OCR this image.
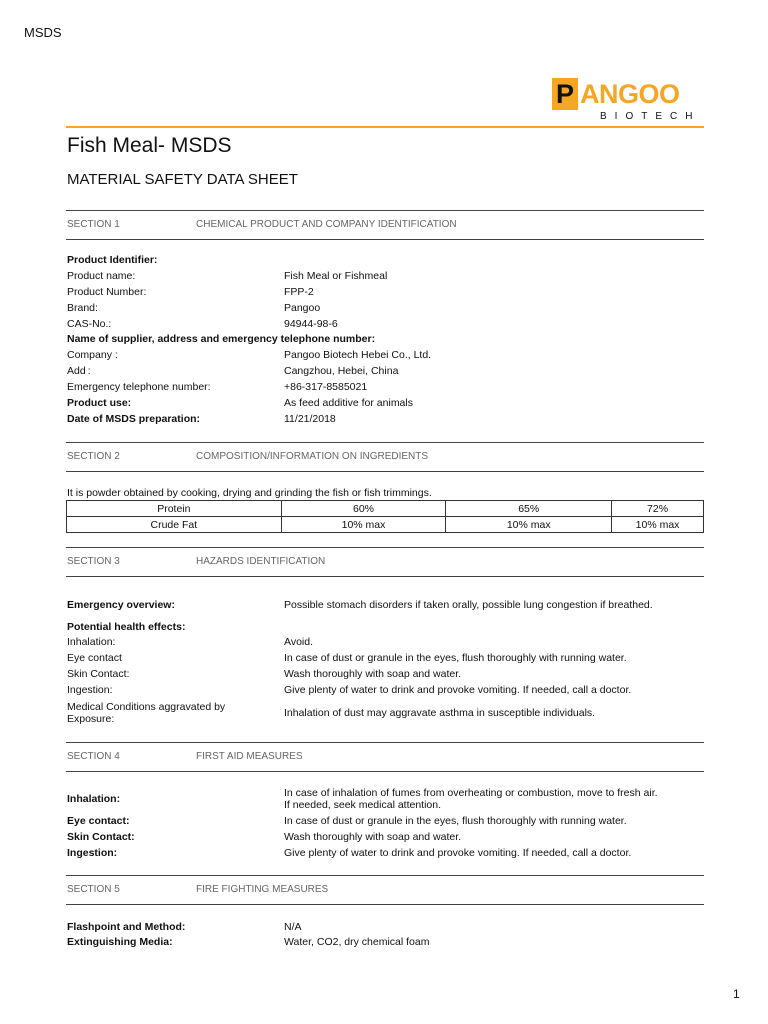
MSDS
P ANGOO
BIOTECH
Fish Meal- MSDS
MATERIAL SAFETY DATA SHEET
SECTION 1	CHEMICAL PRODUCT AND COMPANY IDENTIFICATION
Product Identifier:
Product name:	Fish Meal or Fishmeal
Product Number:	FPP-2
Brand:	Pangoo
CAS-No.:	94944-98-6
Name of supplier, address and emergency telephone number:
Company :	Pangoo Biotech Hebei Co., Ltd.
Add :	Cangzhou, Hebei, China
Emergency telephone number:	+86-317-8585021
Product use:	As feed additive for animals
Date of MSDS preparation:	11/21/2018
SECTION 2	COMPOSITION/INFORMATION ON INGREDIENTS
It is powder obtained by cooking, drying and grinding the fish or fish trimmings.
Protein	60%	65%	72%
Crude Fat	10% max	10% max	10% max
SECTION 3	HAZARDS IDENTIFICATION
Emergency overview:	Possible stomach disorders if taken orally, possible lung congestion if breathed.
Potential health effects:
Inhalation:	Avoid.
Eye contact	In case of dust or granule in the eyes, flush thoroughly with running water.
Skin Contact:	Wash thoroughly with soap and water.
Ingestion:	Give plenty of water to drink and provoke vomiting. If needed, call a doctor.
Medical Conditions aggravated by
Exposure:	Inhalation of dust may aggravate asthma in susceptible individuals.
SECTION 4	FIRST AID MEASURES
Inhalation:	In case of inhalation of fumes from overheating or combustion, move to fresh air.
If needed, seek medical attention.
Eye contact:	In case of dust or granule in the eyes, flush thoroughly with running water.
Skin Contact:	Wash thoroughly with soap and water.
Ingestion:	Give plenty of water to drink and provoke vomiting. If needed, call a doctor.
SECTION 5	FIRE FIGHTING MEASURES
Flashpoint and Method:	N/A
Extinguishing Media:	Water, CO2, dry chemical foam
1
